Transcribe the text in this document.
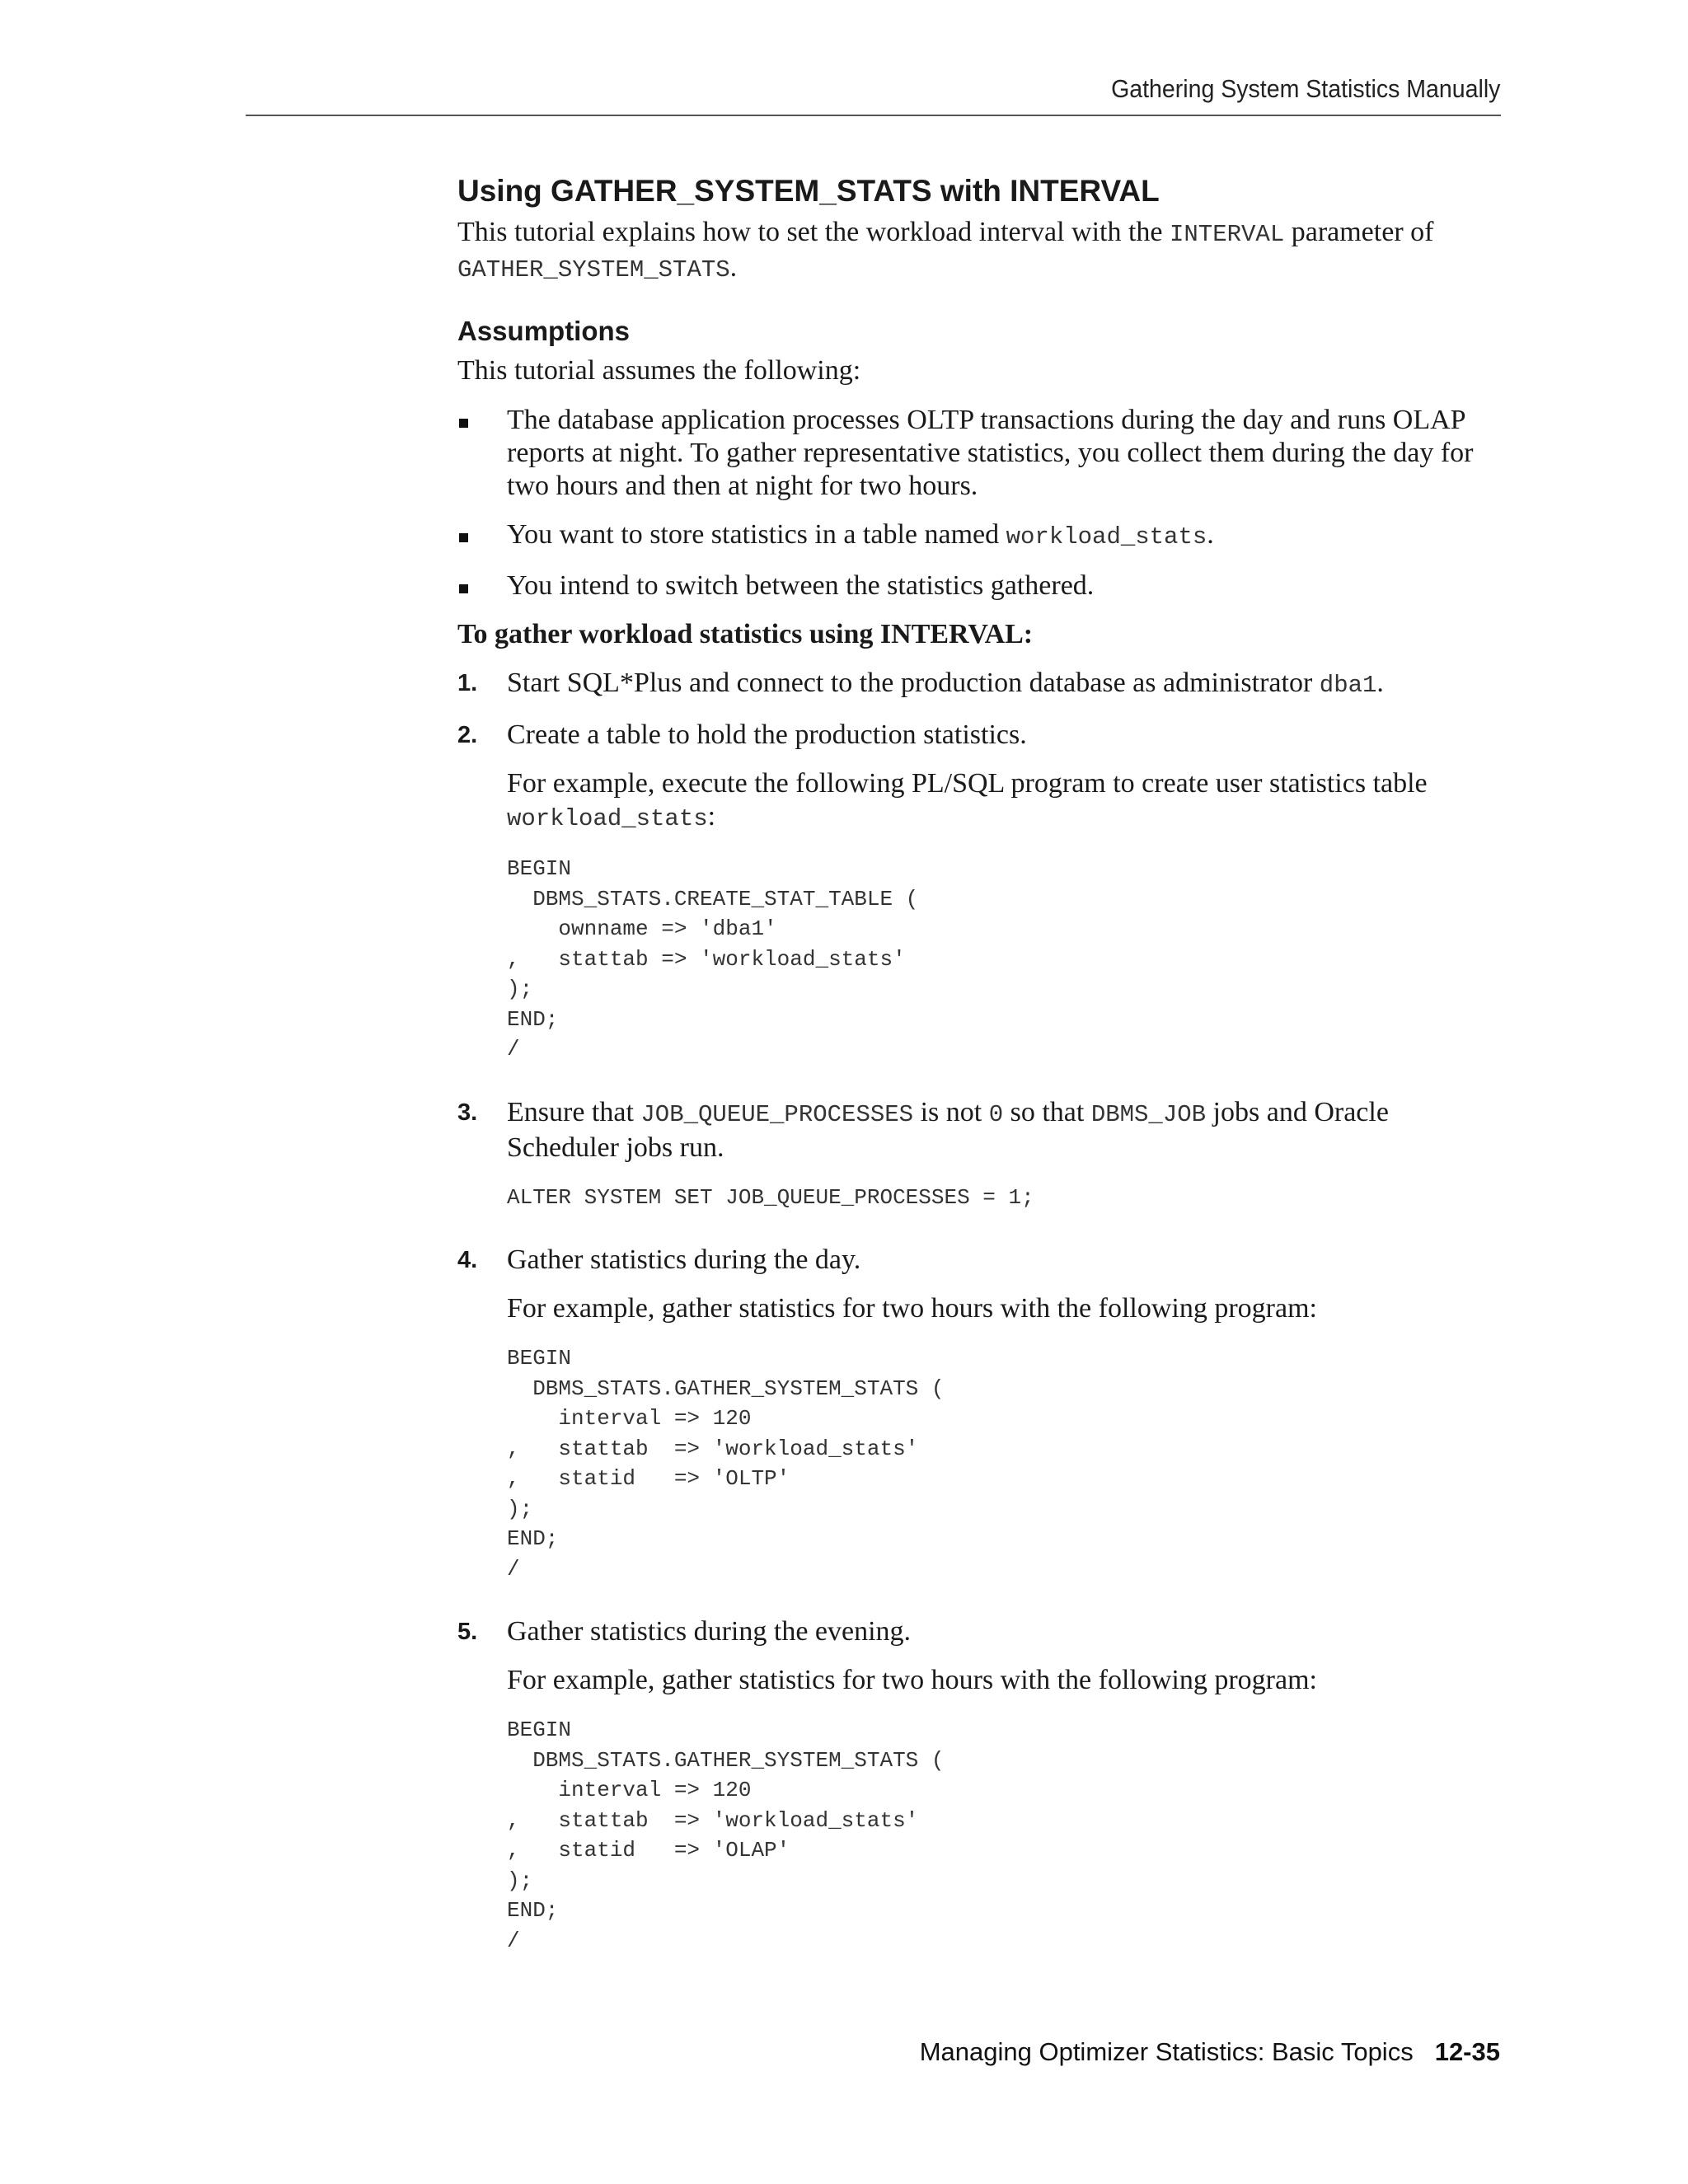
Gathering System Statistics Manually
Using GATHER_SYSTEM_STATS with INTERVAL

This tutorial explains how to set the workload interval with the INTERVAL parameter of
GATHER_SYSTEM_STATS.

Assumptions

This tutorial assumes the following:

The database application processes OLTP transactions during the day and runs OLAP reports at night. To gather representative statistics, you collect them during the day for two hours and then at night for two hours.
You want to store statistics in a table named workload_stats.
You intend to switch between the statistics gathered.

To gather workload statistics using INTERVAL:

1. Start SQL*Plus and connect to the production database as administrator dba1.
2. Create a table to hold the production statistics.

For example, execute the following PL/SQL program to create user statistics table workload_stats:

BEGIN
DBMS_STATS.CREATE_STAT_TABLE (
ownname => 'dba1'
,   stattab => 'workload_stats'
);
END;
/
3. Ensure that JOB_QUEUE_PROCESSES is not 0 so that DBMS_JOB jobs and Oracle Scheduler jobs run.
ALTER SYSTEM SET JOB_QUEUE_PROCESSES = 1;
4. Gather statistics during the day.

For example, gather statistics for two hours with the following program:

BEGIN
DBMS_STATS.GATHER_SYSTEM_STATS (
interval => 120
,   stattab  => 'workload_stats'
,   statid   => 'OLTP'
);
END;
/
5. Gather statistics during the evening.

For example, gather statistics for two hours with the following program:

BEGIN
DBMS_STATS.GATHER_SYSTEM_STATS (
interval => 120
,   stattab  => 'workload_stats'
,   statid   => 'OLAP'
);
END;
/
Managing Optimizer Statistics: Basic Topics 12-35
